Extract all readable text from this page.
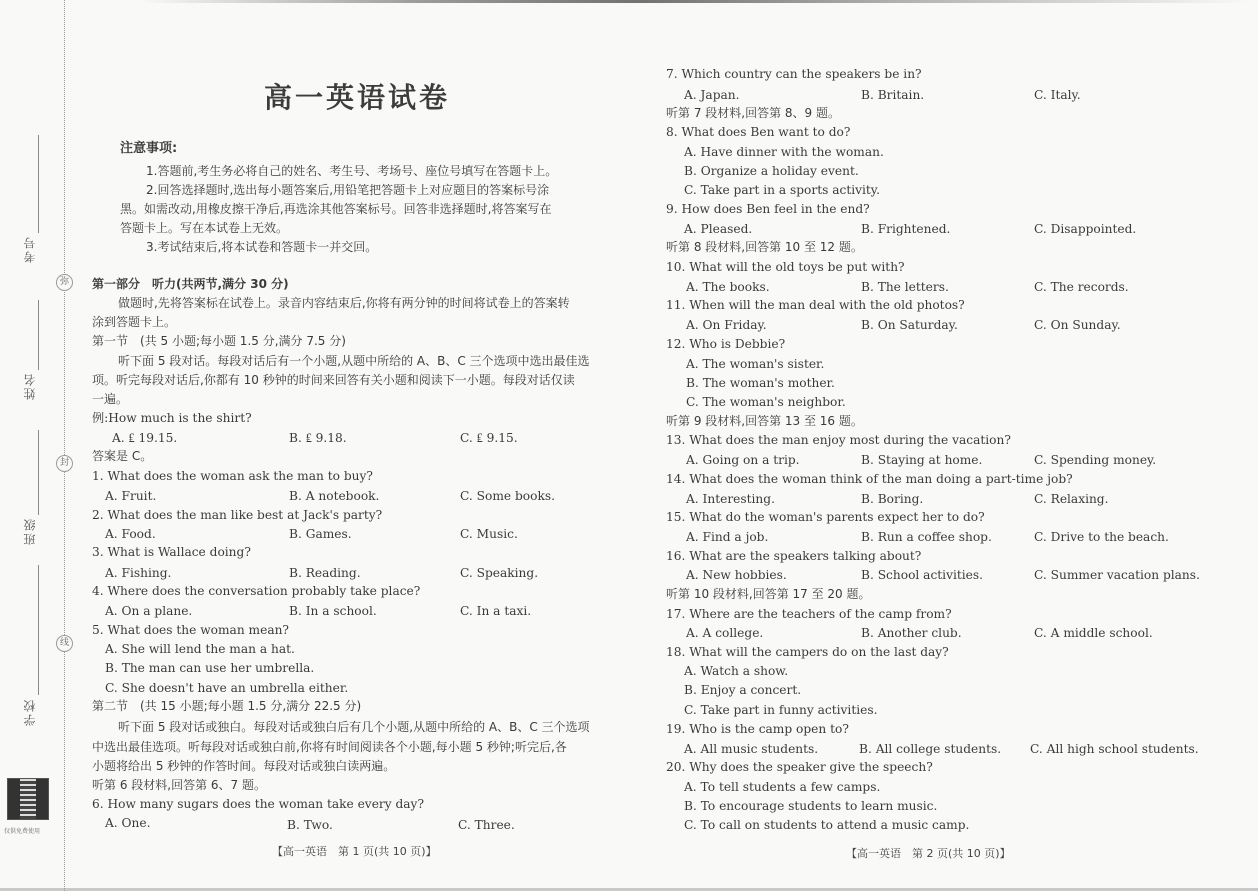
弥
封
线
考号
姓名
班级
学校
仅供免费使用
高一英语试卷
注意事项:
1.答题前,考生务必将自己的姓名、考生号、考场号、座位号填写在答题卡上。
2.回答选择题时,选出每小题答案后,用铅笔把答题卡上对应题目的答案标号涂
黑。如需改动,用橡皮擦干净后,再选涂其他答案标号。回答非选择题时,将答案写在
答题卡上。写在本试卷上无效。
3.考试结束后,将本试卷和答题卡一并交回。
第一部分　听力(共两节,满分 30 分)
做题时,先将答案标在试卷上。录音内容结束后,你将有两分钟的时间将试卷上的答案转
涂到答题卡上。
第一节　(共 5 小题;每小题 1.5 分,满分 7.5 分)
听下面 5 段对话。每段对话后有一个小题,从题中所给的 A、B、C 三个选项中选出最佳选
项。听完每段对话后,你都有 10 秒钟的时间来回答有关小题和阅读下一小题。每段对话仅读
一遍。
例:How much is the shirt?
A. ₤ 19.15.	B. ₤ 9.18.	C. ₤ 9.15.
答案是 C。
1. What does the woman ask the man to buy?
A. Fruit.	B. A notebook.	C. Some books.
2. What does the man like best at Jack's party?
A. Food.	B. Games.	C. Music.
3. What is Wallace doing?
A. Fishing.	B. Reading.	C. Speaking.
4. Where does the conversation probably take place?
A. On a plane.	B. In a school.	C. In a taxi.
5. What does the woman mean?
A. She will lend the man a hat.
B. The man can use her umbrella.
C. She doesn't have an umbrella either.
第二节　(共 15 小题;每小题 1.5 分,满分 22.5 分)
听下面 5 段对话或独白。每段对话或独白后有几个小题,从题中所给的 A、B、C 三个选项
中选出最佳选项。听每段对话或独白前,你将有时间阅读各个小题,每小题 5 秒钟;听完后,各
小题将给出 5 秒钟的作答时间。每段对话或独白读两遍。
听第 6 段材料,回答第 6、7 题。
6. How many sugars does the woman take every day?
A. One.	B. Two.	C. Three.
【高一英语　第 1 页(共 10 页)】
7. Which country can the speakers be in?
A. Japan.	B. Britain.	C. Italy.
听第 7 段材料,回答第 8、9 题。
8. What does Ben want to do?
A. Have dinner with the woman.
B. Organize a holiday event.
C. Take part in a sports activity.
9. How does Ben feel in the end?
A. Pleased.	B. Frightened.	C. Disappointed.
听第 8 段材料,回答第 10 至 12 题。
10. What will the old toys be put with?
A. The books.	B. The letters.	C. The records.
11. When will the man deal with the old photos?
A. On Friday.	B. On Saturday.	C. On Sunday.
12. Who is Debbie?
A. The woman's sister.
B. The woman's mother.
C. The woman's neighbor.
听第 9 段材料,回答第 13 至 16 题。
13. What does the man enjoy most during the vacation?
A. Going on a trip.	B. Staying at home.	C. Spending money.
14. What does the woman think of the man doing a part-time job?
A. Interesting.	B. Boring.	C. Relaxing.
15. What do the woman's parents expect her to do?
A. Find a job.	B. Run a coffee shop.	C. Drive to the beach.
16. What are the speakers talking about?
A. New hobbies.	B. School activities.	C. Summer vacation plans.
听第 10 段材料,回答第 17 至 20 题。
17. Where are the teachers of the camp from?
A. A college.	B. Another club.	C. A middle school.
18. What will the campers do on the last day?
A. Watch a show.
B. Enjoy a concert.
C. Take part in funny activities.
19. Who is the camp open to?
A. All music students.	B. All college students. C. All high school students.
20. Why does the speaker give the speech?
A. To tell students a few camps.
B. To encourage students to learn music.
C. To call on students to attend a music camp.
【高一英语　第 2 页(共 10 页)】
